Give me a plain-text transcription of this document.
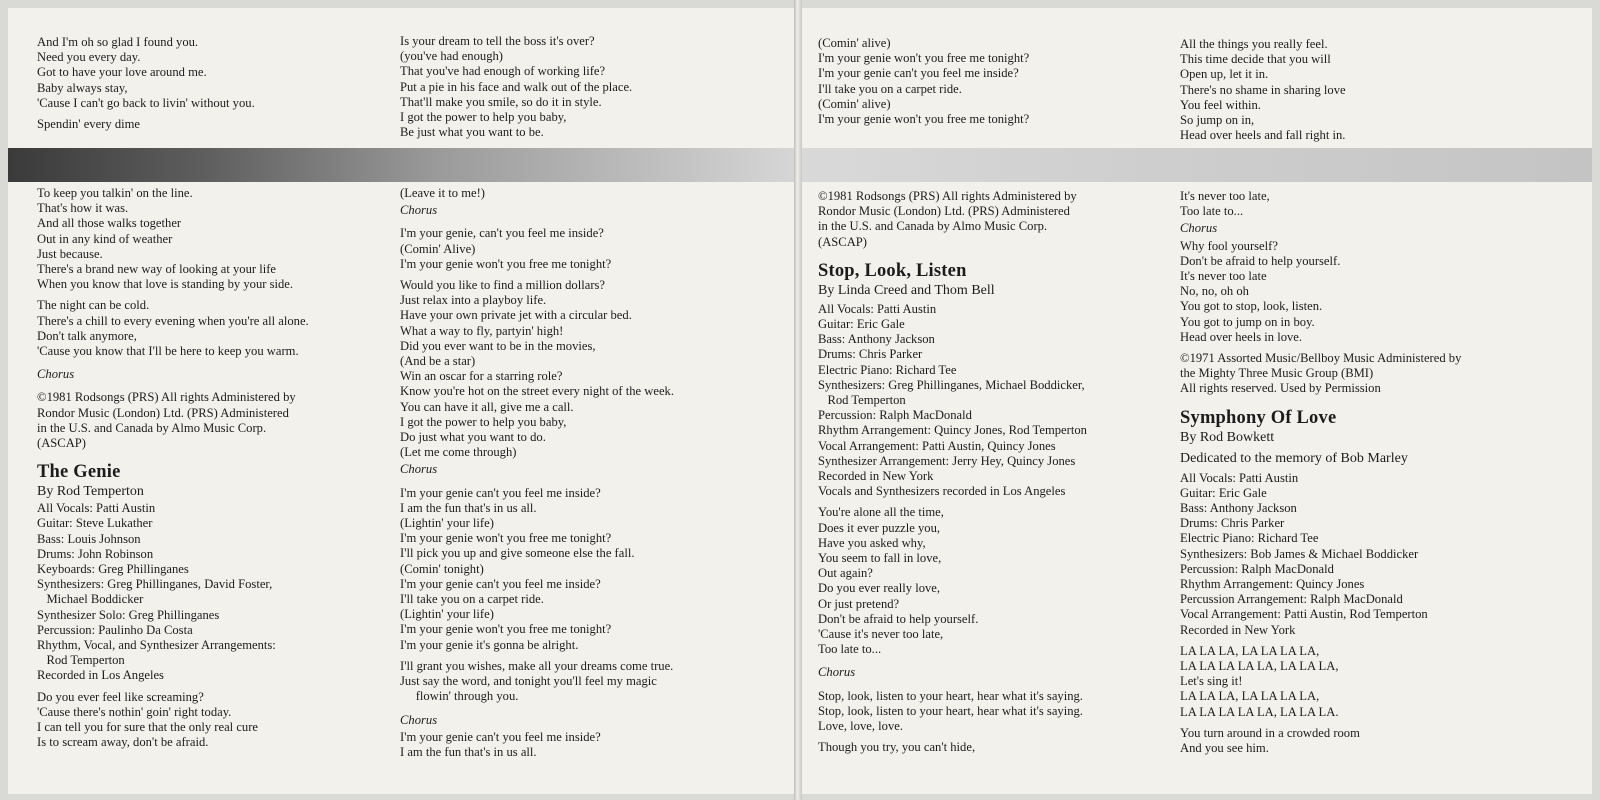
And I'm oh so glad I found you.

Need you every day.

Got to have your love around me.

Baby always stay,

'Cause I can't go back to livin' without you.

Spendin' every dime

Is your dream to tell the boss it's over?

(you've had enough)

That you've had enough of working life?

Put a pie in his face and walk out of the place.

That'll make you smile, so do it in style.

I got the power to help you baby,

Be just what you want to be.

To keep you talkin' on the line.

That's how it was.

And all those walks together

Out in any kind of weather

Just because.

There's a brand new way of looking at your life

When you know that love is standing by your side.

The night can be cold.

There's a chill to every evening when you're all alone.

Don't talk anymore,

'Cause you know that I'll be here to keep you warm.

Chorus

©1981 Rodsongs (PRS) All rights Administered by

Rondor Music (London) Ltd. (PRS) Administered

in the U.S. and Canada by Almo Music Corp.

(ASCAP)

The Genie

By Rod Temperton

All Vocals: Patti Austin

Guitar: Steve Lukather

Bass: Louis Johnson

Drums: John Robinson

Keyboards: Greg Phillinganes

Synthesizers: Greg Phillinganes, David Foster,

Michael Boddicker

Synthesizer Solo: Greg Phillinganes

Percussion: Paulinho Da Costa

Rhythm, Vocal, and Synthesizer Arrangements:

Rod Temperton

Recorded in Los Angeles

Do you ever feel like screaming?

'Cause there's nothin' goin' right today.

I can tell you for sure that the only real cure

Is to scream away, don't be afraid.

(Leave it to me!)

Chorus

I'm your genie, can't you feel me inside?

(Comin' Alive)

I'm your genie won't you free me tonight?

Would you like to find a million dollars?

Just relax into a playboy life.

Have your own private jet with a circular bed.

What a way to fly, partyin' high!

Did you ever want to be in the movies,

(And be a star)

Win an oscar for a starring role?

Know you're hot on the street every night of the week.

You can have it all, give me a call.

I got the power to help you baby,

Do just what you want to do.

(Let me come through)

Chorus

I'm your genie can't you feel me inside?

I am the fun that's in us all.

(Lightin' your life)

I'm your genie won't you free me tonight?

I'll pick you up and give someone else the fall.

(Comin' tonight)

I'm your genie can't you feel me inside?

I'll take you on a carpet ride.

(Lightin' your life)

I'm your genie won't you free me tonight?

I'm your genie it's gonna be alright.

I'll grant you wishes, make all your dreams come true.

Just say the word, and tonight you'll feel my magic

flowin' through you.

Chorus

I'm your genie can't you feel me inside?

I am the fun that's in us all.

(Comin' alive)

I'm your genie won't you free me tonight?

I'm your genie can't you feel me inside?

I'll take you on a carpet ride.

(Comin' alive)

I'm your genie won't you free me tonight?

All the things you really feel.

This time decide that you will

Open up, let it in.

There's no shame in sharing love

You feel within.

So jump on in,

Head over heels and fall right in.

©1981 Rodsongs (PRS) All rights Administered by

Rondor Music (London) Ltd. (PRS) Administered

in the U.S. and Canada by Almo Music Corp.

(ASCAP)

Stop, Look, Listen

By Linda Creed and Thom Bell

All Vocals: Patti Austin

Guitar: Eric Gale

Bass: Anthony Jackson

Drums: Chris Parker

Electric Piano: Richard Tee

Synthesizers: Greg Phillinganes, Michael Boddicker,

Rod Temperton

Percussion: Ralph MacDonald

Rhythm Arrangement: Quincy Jones, Rod Temperton

Vocal Arrangement: Patti Austin, Quincy Jones

Synthesizer Arrangement: Jerry Hey, Quincy Jones

Recorded in New York

Vocals and Synthesizers recorded in Los Angeles

You're alone all the time,

Does it ever puzzle you,

Have you asked why,

You seem to fall in love,

Out again?

Do you ever really love,

Or just pretend?

Don't be afraid to help yourself.

'Cause it's never too late,

Too late to...

Chorus

Stop, look, listen to your heart, hear what it's saying.

Stop, look, listen to your heart, hear what it's saying.

Love, love, love.

Though you try, you can't hide,

It's never too late,

Too late to...

Chorus

Why fool yourself?

Don't be afraid to help yourself.

It's never too late

No, no, oh oh

You got to stop, look, listen.

You got to jump on in boy.

Head over heels in love.

©1971 Assorted Music/Bellboy Music Administered by

the Mighty Three Music Group (BMI)

All rights reserved. Used by Permission

Symphony Of Love

By Rod Bowkett

Dedicated to the memory of Bob Marley

All Vocals: Patti Austin

Guitar: Eric Gale

Bass: Anthony Jackson

Drums: Chris Parker

Electric Piano: Richard Tee

Synthesizers: Bob James & Michael Boddicker

Percussion: Ralph MacDonald

Rhythm Arrangement: Quincy Jones

Percussion Arrangement: Ralph MacDonald

Vocal Arrangement: Patti Austin, Rod Temperton

Recorded in New York

LA LA LA, LA LA LA LA,

LA LA LA LA LA, LA LA LA,

Let's sing it!

LA LA LA, LA LA LA LA,

LA LA LA LA LA, LA LA LA.

You turn around in a crowded room

And you see him.
